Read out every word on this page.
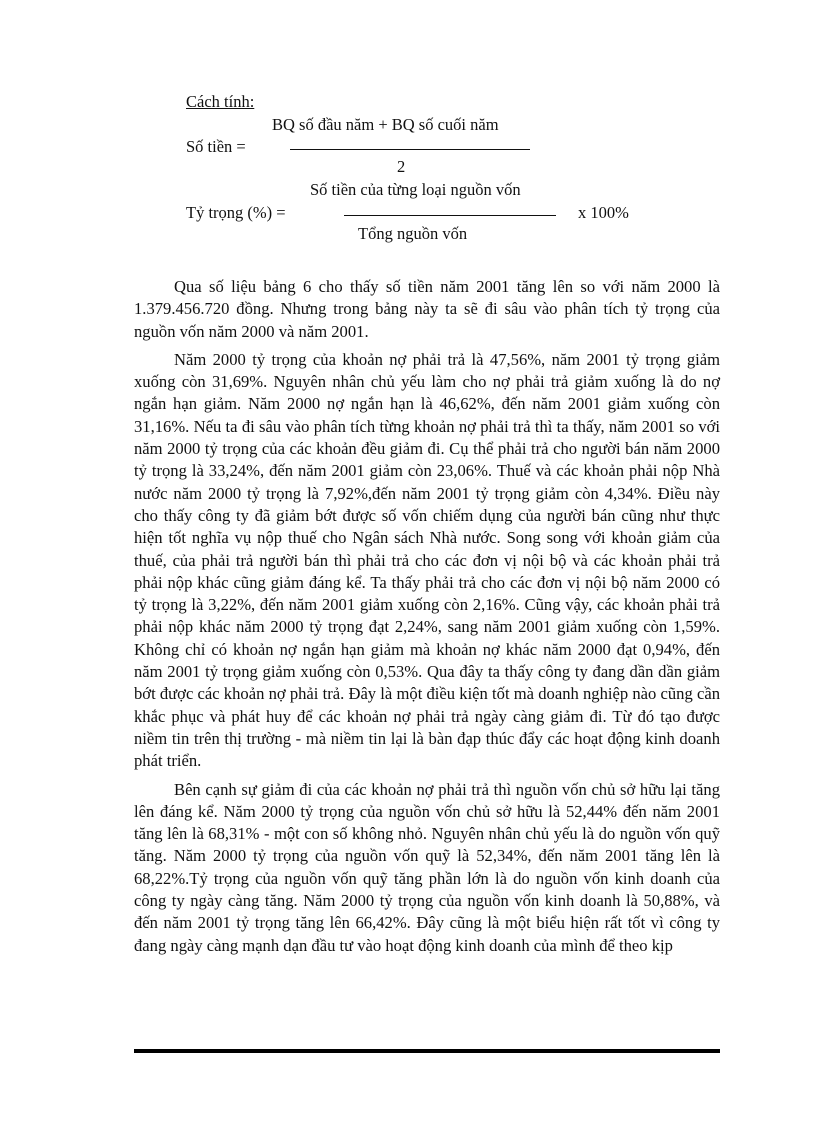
Cách tính:
BQ số đầu năm + BQ số cuối năm
Số tiền =
2
Số tiền của từng loại nguồn vốn
Tỷ trọng (%) =	x 100%
Tổng nguồn vốn

Qua số liệu bảng 6 cho thấy số tiền năm 2001 tăng lên so với năm 2000 là 1.379.456.720 đồng. Nhưng trong bảng này ta sẽ đi sâu vào phân tích tỷ trọng của nguồn vốn năm 2000 và năm 2001.

Năm 2000 tỷ trọng của khoản nợ phải trả là 47,56%, năm 2001 tỷ trọng giảm xuống còn 31,69%. Nguyên nhân chủ yếu làm cho nợ phải trả giảm xuống là do nợ ngắn hạn giảm. Năm 2000 nợ ngắn hạn là 46,62%, đến năm 2001 giảm xuống còn 31,16%. Nếu ta đi sâu vào phân tích từng khoản nợ phải trả thì ta thấy, năm 2001 so với năm 2000 tỷ trọng của các khoản đều giảm đi. Cụ thể phải trả cho người bán năm 2000 tỷ trọng là 33,24%, đến năm 2001 giảm còn 23,06%. Thuế và các khoản phải nộp Nhà nước năm 2000 tỷ trọng là 7,92%,đến năm 2001 tỷ trọng giảm còn 4,34%. Điều này cho thấy công ty đã giảm bớt được số vốn chiếm dụng của người bán cũng như thực hiện tốt nghĩa vụ nộp thuế cho Ngân sách Nhà nước. Song song với khoản giảm của thuế, của phải trả người bán thì phải trả cho các đơn vị nội bộ và các khoản phải trả phải nộp khác cũng giảm đáng kể. Ta thấy phải trả cho các đơn vị nội bộ năm 2000 có tỷ trọng là 3,22%, đến năm 2001 giảm xuống còn 2,16%. Cũng vậy, các khoản phải trả phải nộp khác năm 2000 tỷ trọng đạt 2,24%, sang năm 2001 giảm xuống còn 1,59%. Không chỉ có khoản nợ ngắn hạn giảm mà khoản nợ khác năm 2000 đạt 0,94%, đến năm 2001 tỷ trọng giảm xuống còn 0,53%. Qua đây ta thấy công ty đang dần dần giảm bớt được các khoản nợ phải trả. Đây là một điều kiện tốt mà doanh nghiệp nào cũng cần khắc phục và phát huy để các khoản nợ phải trả ngày càng giảm đi. Từ đó tạo được niềm tin trên thị trường - mà niềm tin lại là bàn đạp thúc đẩy các hoạt động kinh doanh phát triển.

Bên cạnh sự giảm đi của các khoản nợ phải trả thì nguồn vốn chủ sở hữu lại tăng lên đáng kể. Năm 2000 tỷ trọng của nguồn vốn chủ sở hữu là 52,44% đến năm 2001 tăng lên là 68,31% - một con số không nhỏ. Nguyên nhân chủ yếu là do nguồn vốn quỹ tăng. Năm 2000 tỷ trọng của nguồn vốn quỹ là 52,34%, đến năm 2001 tăng lên là 68,22%.Tỷ trọng của nguồn vốn quỹ tăng phần lớn là do nguồn vốn kinh doanh của công ty ngày càng tăng. Năm 2000 tỷ trọng của nguồn vốn kinh doanh là 50,88%, và đến năm 2001 tỷ trọng tăng lên 66,42%. Đây cũng là một biểu hiện rất tốt vì công ty đang ngày càng mạnh dạn đầu tư vào hoạt động kinh doanh của mình để theo kịp
